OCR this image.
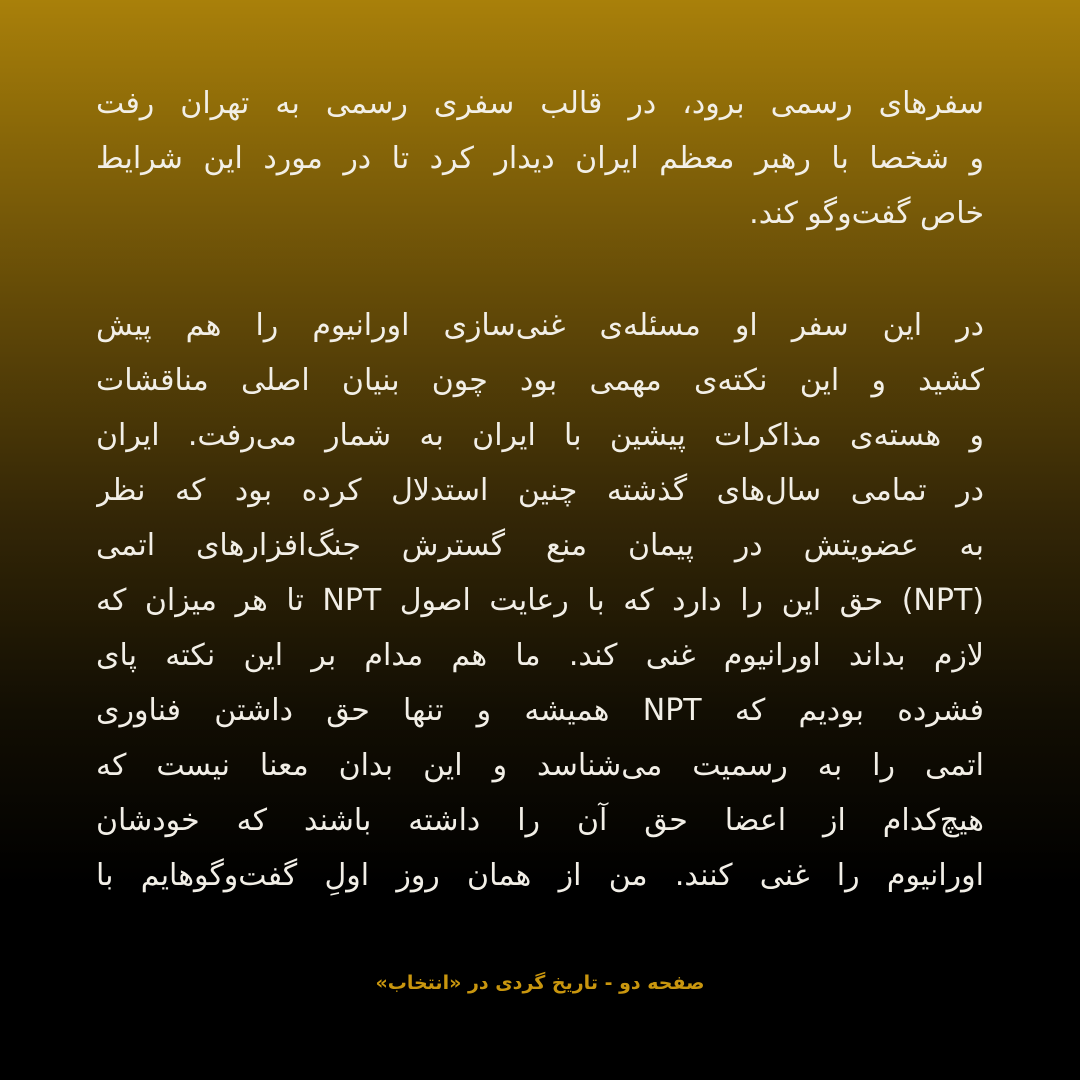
سفرهای رسمی برود، در قالب سفری رسمی به تهران رفت
و شخصا با رهبر معظم ایران دیدار کرد تا در مورد این شرایط
خاص گفت‌وگو کند.

در این سفر او مسئله‌ی غنی‌سازی اورانیوم را هم پیش
کشید و این نکته‌ی مهمی بود چون بنیان اصلی مناقشات
و هسته‌ی مذاکرات پیشین با ایران به شمار می‌رفت. ایران
در تمامی سال‌های گذشته چنین استدلال کرده بود که نظر
به عضویتش در پیمان منع گسترش جنگ‌افزارهای اتمی
(NPT) حق این را دارد که با رعایت اصول NPT تا هر میزان که
لازم بداند اورانیوم غنی کند. ما هم مدام بر این نکته پای
فشرده بودیم که NPT همیشه و تنها حق داشتن فناوری
اتمی را به رسمیت می‌شناسد و این بدان معنا نیست که
هیچ‌کدام از اعضا حق آن را داشته باشند که خودشان
اورانیوم را غنی کنند. من از همان روز اولِ گفت‌وگوهایم با

صفحه دو - تاریخ گردی در «انتخاب»
